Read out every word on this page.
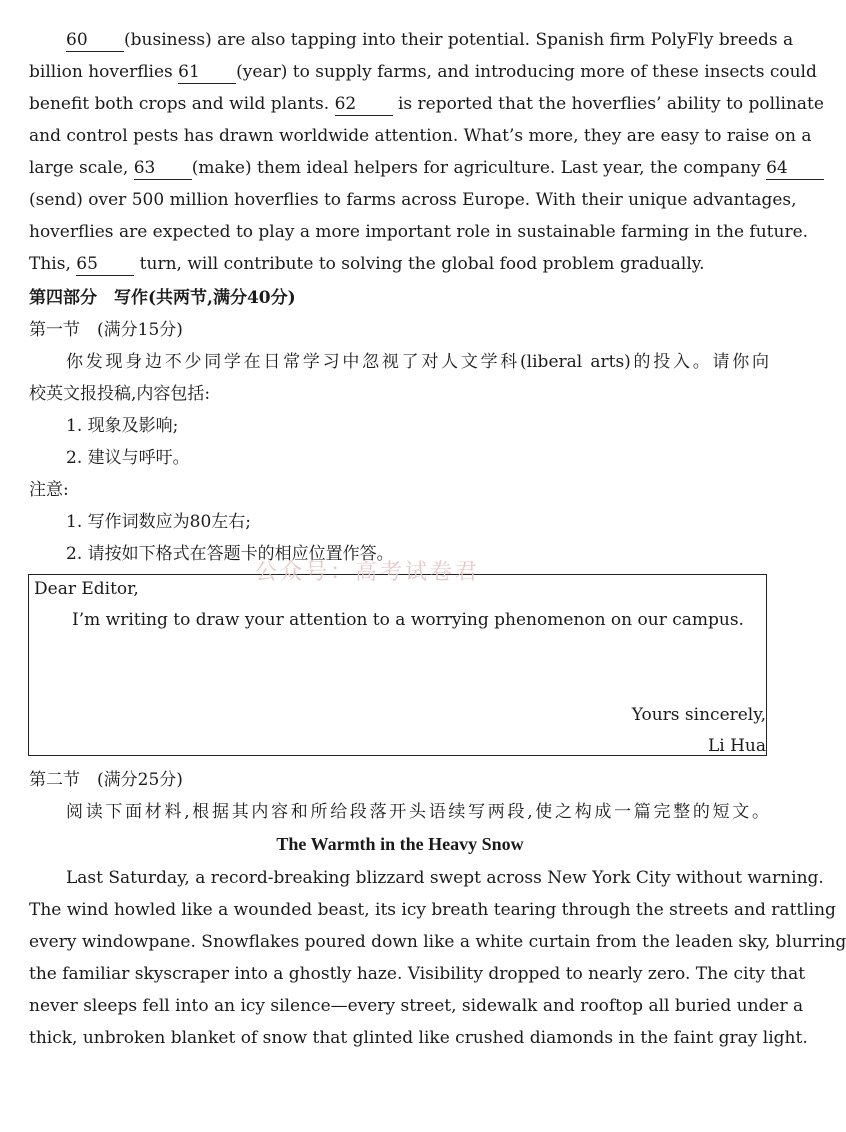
60 (business) are also tapping into their potential. Spanish firm PolyFly breeds a
billion hoverflies 61 (year) to supply farms, and introducing more of these insects could
benefit both crops and wild plants. 62 is reported that the hoverflies’ ability to pollinate
and control pests has drawn worldwide attention. What’s more, they are easy to raise on a
large scale, 63 (make) them ideal helpers for agriculture. Last year, the company 64
(send) over 500 million hoverflies to farms across Europe. With their unique advantages,
hoverflies are expected to play a more important role in sustainable farming in the future.
This, 65 turn, will contribute to solving the global food problem gradually.
第四部分　写作(共两节,满分40分)
第一节　(满分15分)
你发现身边不少同学在日常学习中忽视了对人文学科(liberal arts)的投入。请你向
校英文报投稿,内容包括:
1. 现象及影响;
2. 建议与呼吁。
注意:
1. 写作词数应为80左右;
2. 请按如下格式在答题卡的相应位置作答。
公众号：高考试卷君
Dear Editor,
I’m writing to draw your attention to a worrying phenomenon on our campus.
Yours sincerely,
Li Hua
第二节　(满分25分)
阅读下面材料,根据其内容和所给段落开头语续写两段,使之构成一篇完整的短文。
The Warmth in the Heavy Snow
Last Saturday, a record-breaking blizzard swept across New York City without warning.
The wind howled like a wounded beast, its icy breath tearing through the streets and rattling
every windowpane. Snowflakes poured down like a white curtain from the leaden sky, blurring
the familiar skyscraper into a ghostly haze. Visibility dropped to nearly zero. The city that
never sleeps fell into an icy silence—every street, sidewalk and rooftop all buried under a
thick, unbroken blanket of snow that glinted like crushed diamonds in the faint gray light.
